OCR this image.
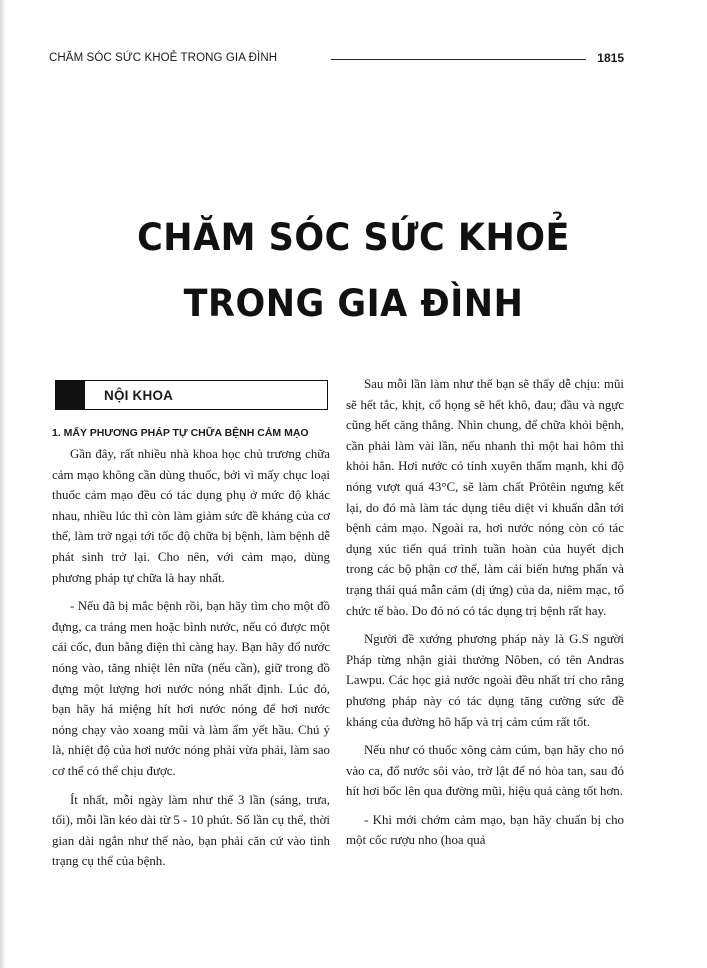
CHĂM SÓC SỨC KHOẺ TRONG GIA ĐÌNH	1815
CHĂM SÓC SỨC KHOẺ
TRONG GIA ĐÌNH
NỘI KHOA
1. MẤY PHƯƠNG PHÁP TỰ CHỮA BỆNH CẢM MẠO

Gần đây, rất nhiều nhà khoa học chủ trương chữa cảm mạo không cần dùng thuốc, bởi vì mấy chục loại thuốc cảm mạo đều có tác dụng phụ ở mức độ khác nhau, nhiều lúc thì còn làm giảm sức đề kháng của cơ thể, làm trở ngại tới tốc độ chữa bị bệnh, làm bệnh dễ phát sinh trở lại. Cho nên, với cảm mạo, dùng phương pháp tự chữa là hay nhất.

- Nếu đã bị mắc bệnh rồi, bạn hãy tìm cho một đồ đựng, ca tráng men hoặc bình nước, nếu có được một cái cốc, đun bằng điện thì càng hay. Bạn hãy đổ nước nóng vào, tăng nhiệt lên nữa (nếu cần), giữ trong đồ đựng một lượng hơi nước nóng nhất định. Lúc đó, bạn hãy há miệng hít hơi nước nóng để hơi nước nóng chạy vào xoang mũi và làm ẩm yết hầu. Chú ý là, nhiệt độ của hơi nước nóng phải vừa phải, làm sao cơ thể có thể chịu được.

Ít nhất, mỗi ngày làm như thế 3 lần (sáng, trưa, tối), mỗi lần kéo dài từ 5 - 10 phút. Số lần cụ thể, thời gian dài ngắn như thế nào, bạn phải căn cứ vào tình trạng cụ thể của bệnh.

Sau mỗi lần làm như thế bạn sẽ thấy dễ chịu: mũi sẽ hết tắc, khịt, cổ họng sẽ hết khô, đau; đầu và ngực cũng hết căng thẳng. Nhìn chung, để chữa khỏi bệnh, cần phải làm vài lần, nếu nhanh thì một hai hôm thì khỏi hẳn. Hơi nước có tính xuyên thấm mạnh, khi độ nóng vượt quá 43°C, sẽ làm chất Prôtêin ngưng kết lại, do đó mà làm tác dụng tiêu diệt vi khuẩn dẫn tới bệnh cảm mạo. Ngoài ra, hơi nước nóng còn có tác dụng xúc tiến quá trình tuần hoàn của huyết dịch trong các bộ phận cơ thể, làm cải biến hưng phấn và trạng thái quá mẫn cảm (dị ứng) của da, niêm mạc, tổ chức tế bào. Do đó nó có tác dụng trị bệnh rất hay.

Người đề xướng phương pháp này là G.S người Pháp từng nhận giải thưởng Nôben, có tên Andras Lawpu. Các học giả nước ngoài đều nhất trí cho rằng phương pháp này có tác dụng tăng cường sức đề kháng của đường hô hấp và trị cảm cúm rất tốt.

Nếu như có thuốc xông cảm cúm, bạn hãy cho nó vào ca, đổ nước sôi vào, trờ lật để nó hòa tan, sau đó hít hơi bốc lên qua đường mũi, hiệu quả càng tốt hơn.

- Khi mới chớm cảm mạo, bạn hãy chuẩn bị cho một cốc rượu nho (hoa quả
